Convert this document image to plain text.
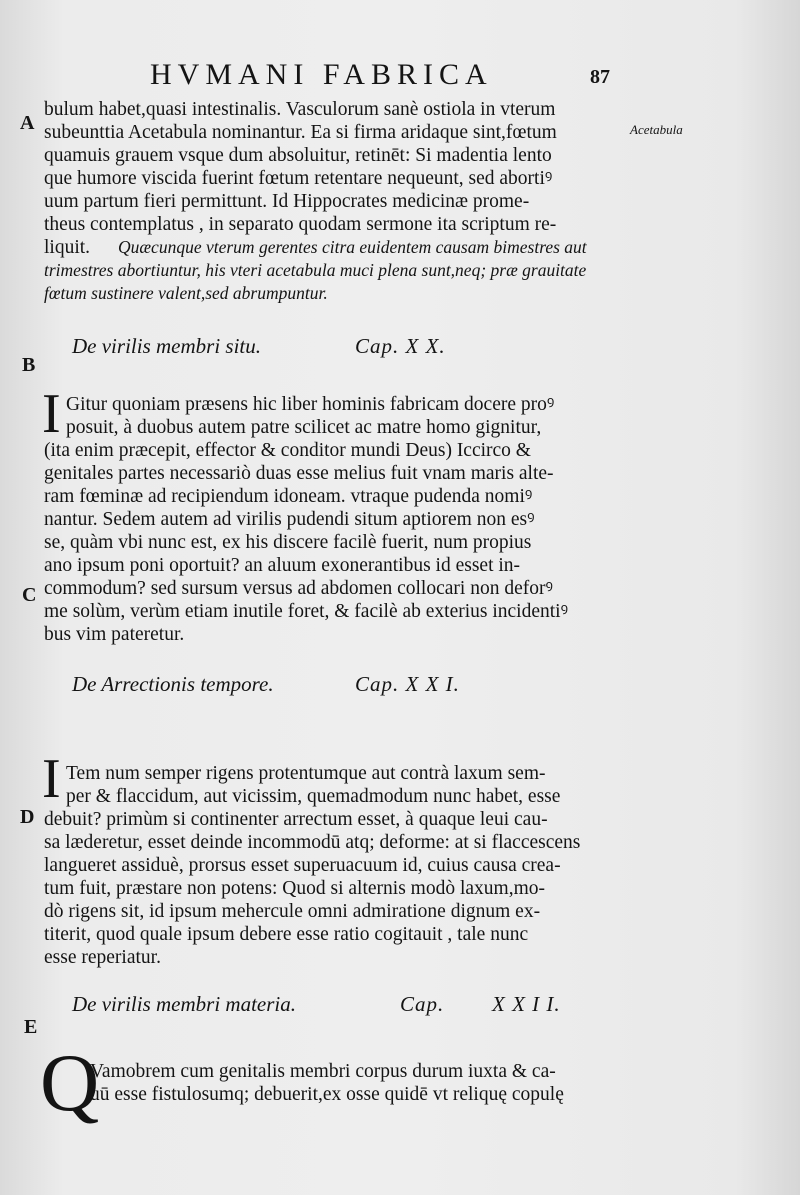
HVMANI FABRICA	87
Acetabula
A
B
C
D
E
bulum habet,quasi intestinalis. Vasculorum sanè ostiola in vterum
subeunttia Acetabula nominantur. Ea si firma aridaque sint,fœtum
quamuis grauem vsque dum absoluitur, retinēt: Si madentia lento
que humore viscida fuerint fœtum retentare nequeunt, sed abortiꝰ
uum partum fieri permittunt. Id Hippocrates medicinæ prome-
theus contemplatus , in separato quodam sermone ita scriptum re-
liquit.	Quæcunque vterum gerentes citra euidentem causam bimestres aut
trimestres abortiuntur, his vteri acetabula muci plena sunt,neq; præ grauitate
fœtum sustinere valent,sed abrumpuntur.
De virilis membri situ.	Cap. X X.
I Gitur quoniam præsens hic liber hominis fabricam docere proꝰ
posuit, à duobus autem patre scilicet ac matre homo gignitur,
(ita enim præcepit, effector & conditor mundi Deus) Iccirco &
genitales partes necessariò duas esse melius fuit vnam maris alte-
ram fœminæ ad recipiendum idoneam. vtraque pudenda nomiꝰ
nantur. Sedem autem ad virilis pudendi situm aptiorem non esꝰ
se, quàm vbi nunc est, ex his discere facilè fuerit, num propius
ano ipsum poni oportuit? an aluum exonerantibus id esset in-
commodum? sed sursum versus ad abdomen collocari non deforꝰ
me solùm, verùm etiam inutile foret, & facilè ab exterius incidentiꝰ
bus vim pateretur.
De Arrectionis tempore.	Cap. X X I.
I Tem num semper rigens protentumque aut contrà laxum sem-
per & flaccidum, aut vicissim, quemadmodum nunc habet, esse
debuit? primùm si continenter arrectum esset, à quaque leui cau-
sa læderetur, esset deinde incommodū atq; deforme: at si flaccescens
langueret assiduè, prorsus esset superuacuum id, cuius causa crea-
tum fuit, præstare non potens: Quod si alternis modò laxum,mo-
dò rigens sit, id ipsum mehercule omni admiratione dignum ex-
titerit, quod quale ipsum debere esse ratio cogitauit , tale nunc
esse reperiatur.
De virilis membri materia.	Cap. X X I I.
Q
Vamobrem cum genitalis membri corpus durum iuxta & ca-
uū esse fistulosumq; debuerit,ex osse quidē vt reliquę copulę
